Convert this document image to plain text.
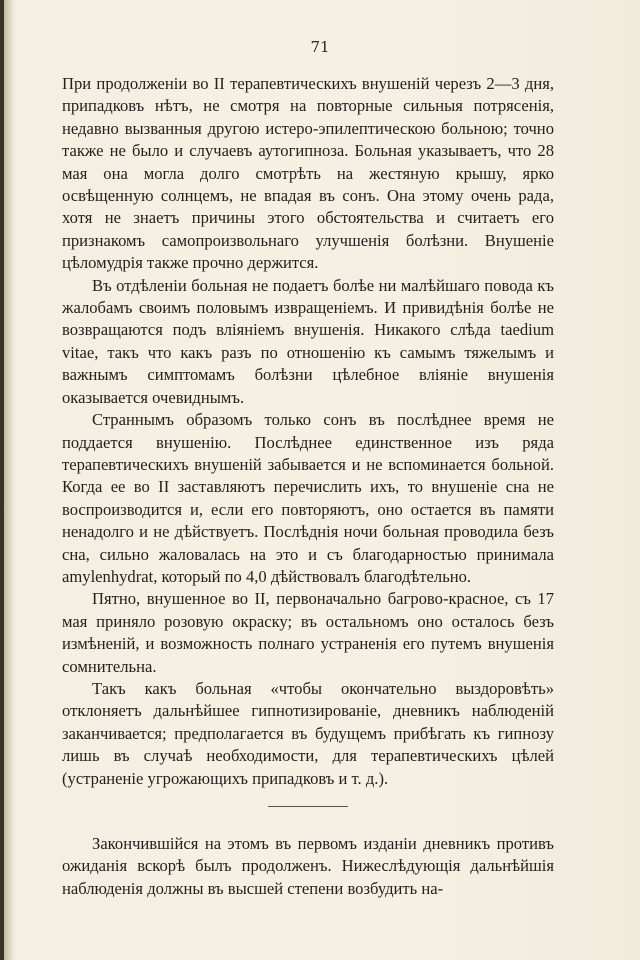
71

При продолженіи во II терапевтическихъ внушеній черезъ 2—3 дня, припадковъ нѣтъ, не смотря на повторные сильныя потрясенія, недавно вызванныя другою истеро-эпилептическою больною; точно также не было и случаевъ аутогипноза. Больная указываетъ, что 28 мая она могла долго смотрѣть на жестяную крышу, ярко освѣщенную солнцемъ, не впадая въ сонъ. Она этому очень рада, хотя не знаетъ причины этого обстоятельства и считаетъ его признакомъ самопроизвольнаго улучшенія болѣзни. Внушеніе цѣломудрія также прочно держится.

Въ отдѣленіи больная не подаетъ болѣе ни малѣйшаго повода къ жалобамъ своимъ половымъ извращеніемъ. И привидѣнія болѣе не возвращаются подъ вліяніемъ внушенія. Никакого слѣда taedium vitae, такъ что какъ разъ по отношенію къ самымъ тяжелымъ и важнымъ симптомамъ болѣзни цѣлебное вліяніе внушенія оказывается очевиднымъ.

Страннымъ образомъ только сонъ въ послѣднее время не поддается внушенію. Послѣднее единственное изъ ряда терапевтическихъ внушеній забывается и не вспоминается больной. Когда ее во II заставляютъ перечислить ихъ, то внушеніе сна не воспроизводится и, если его повторяютъ, оно остается въ памяти ненадолго и не дѣйствуетъ. Послѣднія ночи больная проводила безъ сна, сильно жаловалась на это и съ благодарностью принимала amylenhydrat, который по 4,0 дѣйствовалъ благодѣтельно.

Пятно, внушенное во II, первоначально багрово-красное, съ 17 мая приняло розовую окраску; въ остальномъ оно осталось безъ измѣненій, и возможность полнаго устраненія его путемъ внушенія сомнительна.

Такъ какъ больная «чтобы окончательно выздоровѣть» отклоняетъ дальнѣйшее гипнотизированіе, дневникъ наблюденій заканчивается; предполагается въ будущемъ прибѣгать къ гипнозу лишь въ случаѣ необходимости, для терапевтическихъ цѣлей (устраненіе угрожающихъ припадковъ и т. д.).

Закончившійся на этомъ въ первомъ изданіи дневникъ противъ ожиданія вскорѣ былъ продолженъ. Нижеслѣдующія дальнѣйшія наблюденія должны въ высшей степени возбудить на-
